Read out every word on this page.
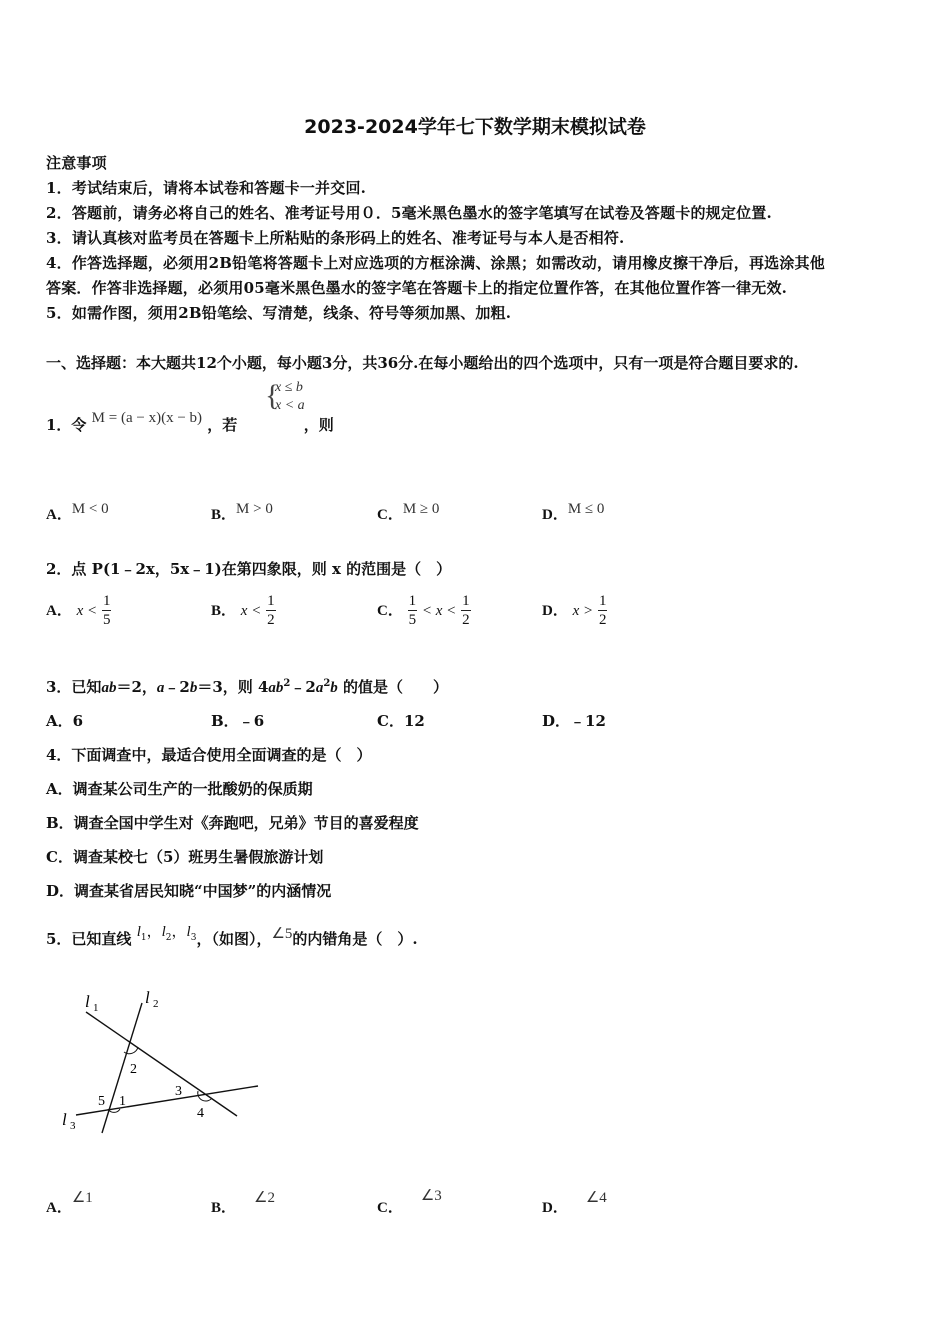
2023-2024学年七下数学期末模拟试卷
注意事项
1．考试结束后，请将本试卷和答题卡一并交回.
2．答题前，请务必将自己的姓名、准考证号用０．5毫米黑色墨水的签字笔填写在试卷及答题卡的规定位置.
3．请认真核对监考员在答题卡上所粘贴的条形码上的姓名、准考证号与本人是否相符.
4．作答选择题，必须用2B铅笔将答题卡上对应选项的方框涂满、涂黑；如需改动，请用橡皮擦干净后，再选涂其他
答案．作答非选择题，必须用05毫米黑色墨水的签字笔在答题卡上的指定位置作答，在其他位置作答一律无效.
5．如需作图，须用2B铅笔绘、写清楚，线条、符号等须加黑、加粗.
一、选择题：本大题共12个小题，每小题3分，共36分.在每小题给出的四个选项中，只有一项是符合题目要求的.
1．令 M = (a − x)(x − b) ，若	，则
{
x ≤ b
x < a
A．M < 0	B．M > 0	C．M ≥ 0	D．M ≤ 0
2．点 P(1﹣2x，5x﹣1)在第四象限，则 x 的范围是（　）
A． $x < \frac{1}{5}$	B． $x < \frac{1}{2}$	C． $\frac{1}{5} < x < \frac{1}{2}$	D． $x > \frac{1}{2}$
3．已知ab＝2，a﹣2b＝3，则 $4ab^2﹣2a^2b$ 的值是（　　）
A．6	B．﹣6	C．12	D．﹣12
4．下面调查中，最适合使用全面调查的是（　）
A．调查某公司生产的一批酸奶的保质期
B．调查全国中学生对《奔跑吧，兄弟》节目的喜爱程度
C．调查某校七（5）班男生暑假旅游计划
D．调查某省居民知晓“中国梦”的内涵情况
5．已知直线 $l_1$，$l_2$，$l_3$，（如图），∠5的内错角是（　）.
l 1
l 2
l 3
2
3
4
5 1
A．∠1
B．∠2
C．∠3
D．∠4
